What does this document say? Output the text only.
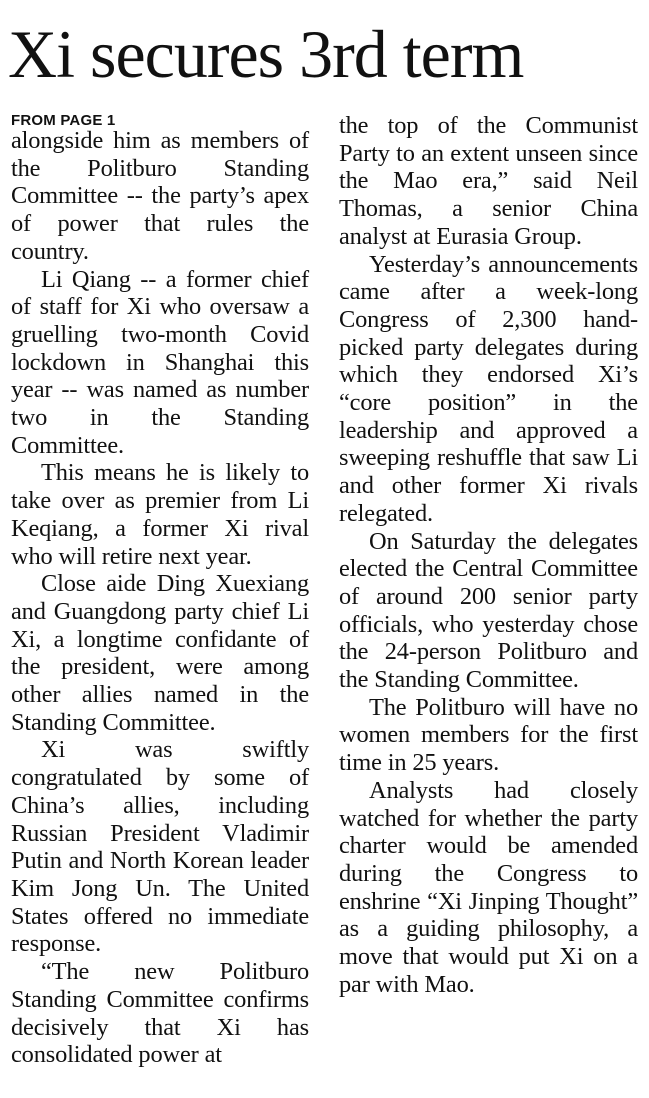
Xi secures 3rd term
FROM PAGE 1

alongside him as members of the Politburo Standing Committee -- the party’s apex of power that rules the country.

Li Qiang -- a former chief of staff for Xi who oversaw a gruelling two-month Covid lockdown in Shanghai this year -- was named as number two in the Standing Committee.

This means he is likely to take over as premier from Li Keqiang, a former Xi rival who will retire next year.

Close aide Ding Xuexiang and Guangdong party chief Li Xi, a longtime confidante of the president, were among other allies named in the Standing Committee.

Xi was swiftly congratulated by some of China’s allies, including Russian President Vladimir Putin and North Korean leader Kim Jong Un. The United States offered no immediate response.

“The new Politburo Standing Committee confirms decisively that Xi has consolidated power at

the top of the Communist Party to an extent unseen since the Mao era,” said Neil Thomas, a senior China analyst at Eurasia Group.

Yesterday’s announcements came after a week-long Congress of 2,300 hand-picked party delegates during which they endorsed Xi’s “core position” in the leadership and approved a sweeping reshuffle that saw Li and other former Xi rivals relegated.

On Saturday the delegates elected the Central Committee of around 200 senior party officials, who yesterday chose the 24-person Politburo and the Standing Committee.

The Politburo will have no women members for the first time in 25 years.

Analysts had closely watched for whether the party charter would be amended during the Congress to enshrine “Xi Jinping Thought” as a guiding philosophy, a move that would put Xi on a par with Mao.
